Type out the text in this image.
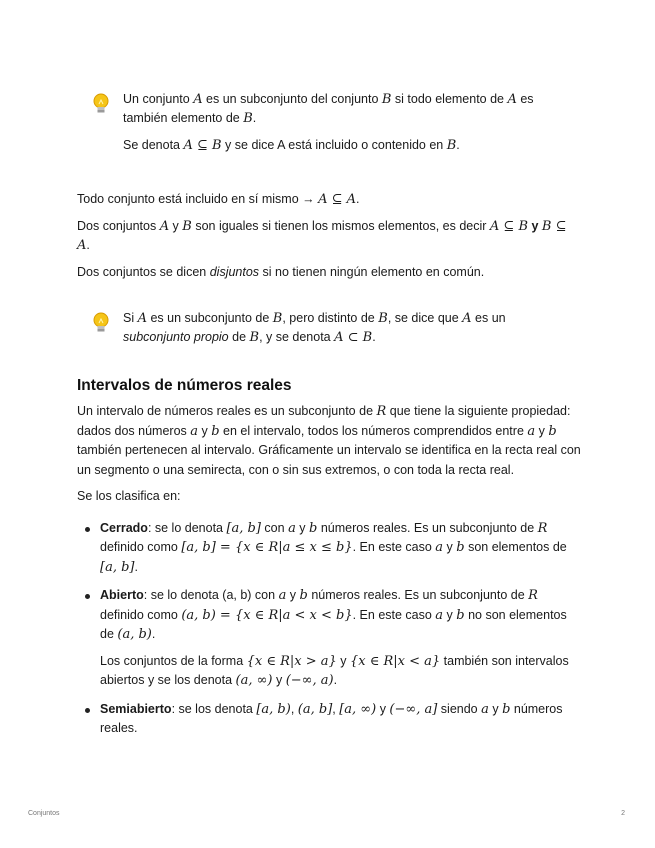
Un conjunto A es un subconjunto del conjunto B si todo elemento de A es también elemento de B.

Se denota A ⊆ B y se dice A está incluido o contenido en B.

Todo conjunto está incluido en sí mismo → A ⊆ A.

Dos conjuntos A y B son iguales si tienen los mismos elementos, es decir A ⊆ B y B ⊆ A.

Dos conjuntos se dicen disjuntos si no tienen ningún elemento en común.

Si A es un subconjunto de B, pero distinto de B, se dice que A es un subconjunto propio de B, y se denota A ⊂ B.

Intervalos de números reales

Un intervalo de números reales es un subconjunto de R que tiene la siguiente propiedad: dados dos números a y b en el intervalo, todos los números comprendidos entre a y b también pertenecen al intervalo. Gráficamente un intervalo se identifica en la recta real con un segmento o una semirecta, con o sin sus extremos, o con toda la recta real.

Se los clasifica en:

Cerrado: se lo denota [a, b] con a y b números reales. Es un subconjunto de R definido como [a, b] = {x ∈ R|a ≤ x ≤ b}. En este caso a y b son elementos de [a, b].

Abierto: se lo denota (a, b) con a y b números reales. Es un subconjunto de R definido como (a, b) = {x ∈ R|a < x < b}. En este caso a y b no son elementos de (a, b).

Los conjuntos de la forma {x ∈ R|x > a} y {x ∈ R|x < a} también son intervalos abiertos y se los denota (a, ∞) y (−∞, a).

Semiabierto: se los denota [a, b), (a, b], [a, ∞) y (−∞, a] siendo a y b números reales.

Conjuntos	2
